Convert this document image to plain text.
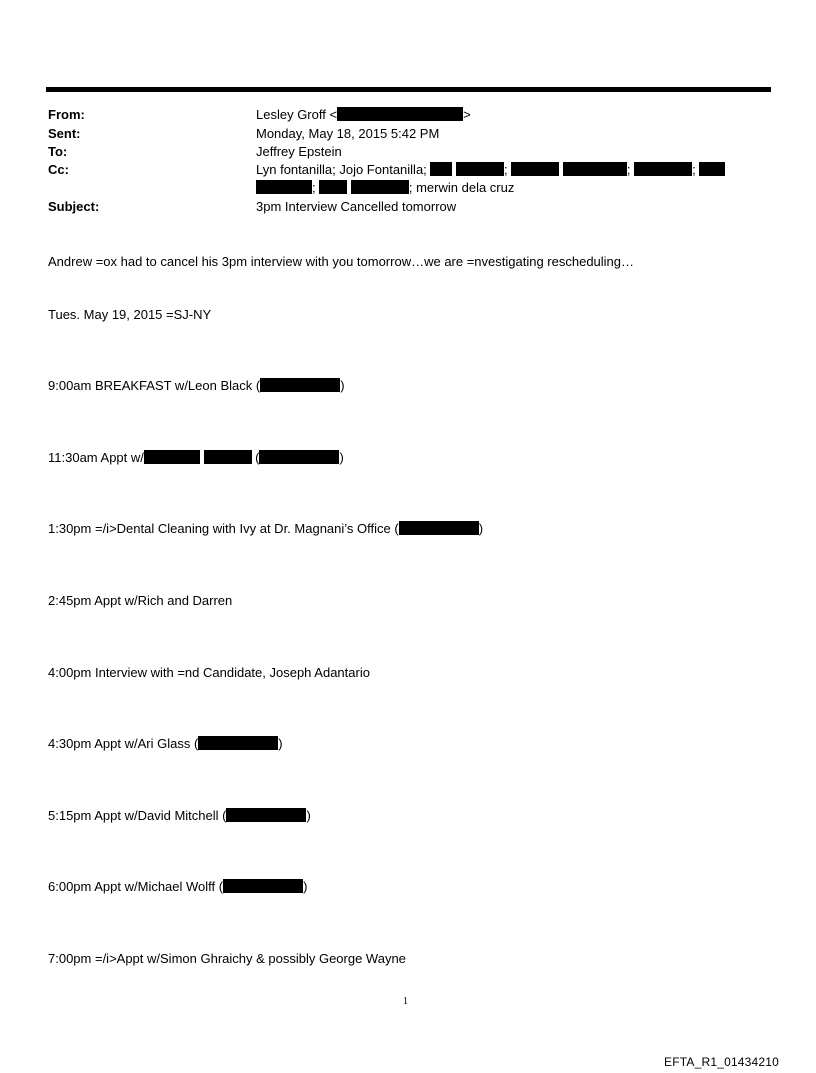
From:	Lesley Groff <	>
Sent:	Monday, May 18, 2015 5:42 PM
To:	Jeffrey Epstein
Cc:	Lyn fontanilla; Jojo Fontanilla;	;	;	;
;	; merwin dela cruz
Subject:	3pm Interview Cancelled tomorrow
Andrew =ox had to cancel his 3pm interview with you tomorrow…we are =nvestigating rescheduling…
Tues. May 19, 2015 =SJ-NY
9:00am BREAKFAST w/Leon Black (	)
11:30am Appt w/	(	)
1:30pm =/i>Dental Cleaning with Ivy at Dr. Magnani’s Office (	)
2:45pm Appt w/Rich and Darren
4:00pm Interview with =nd Candidate, Joseph Adantario
4:30pm Appt w/Ari Glass (	)
5:15pm Appt w/David Mitchell (	)
6:00pm Appt w/Michael Wolff (	)
7:00pm =/i>Appt w/Simon Ghraichy & possibly George Wayne
1
EFTA_R1_01434210
